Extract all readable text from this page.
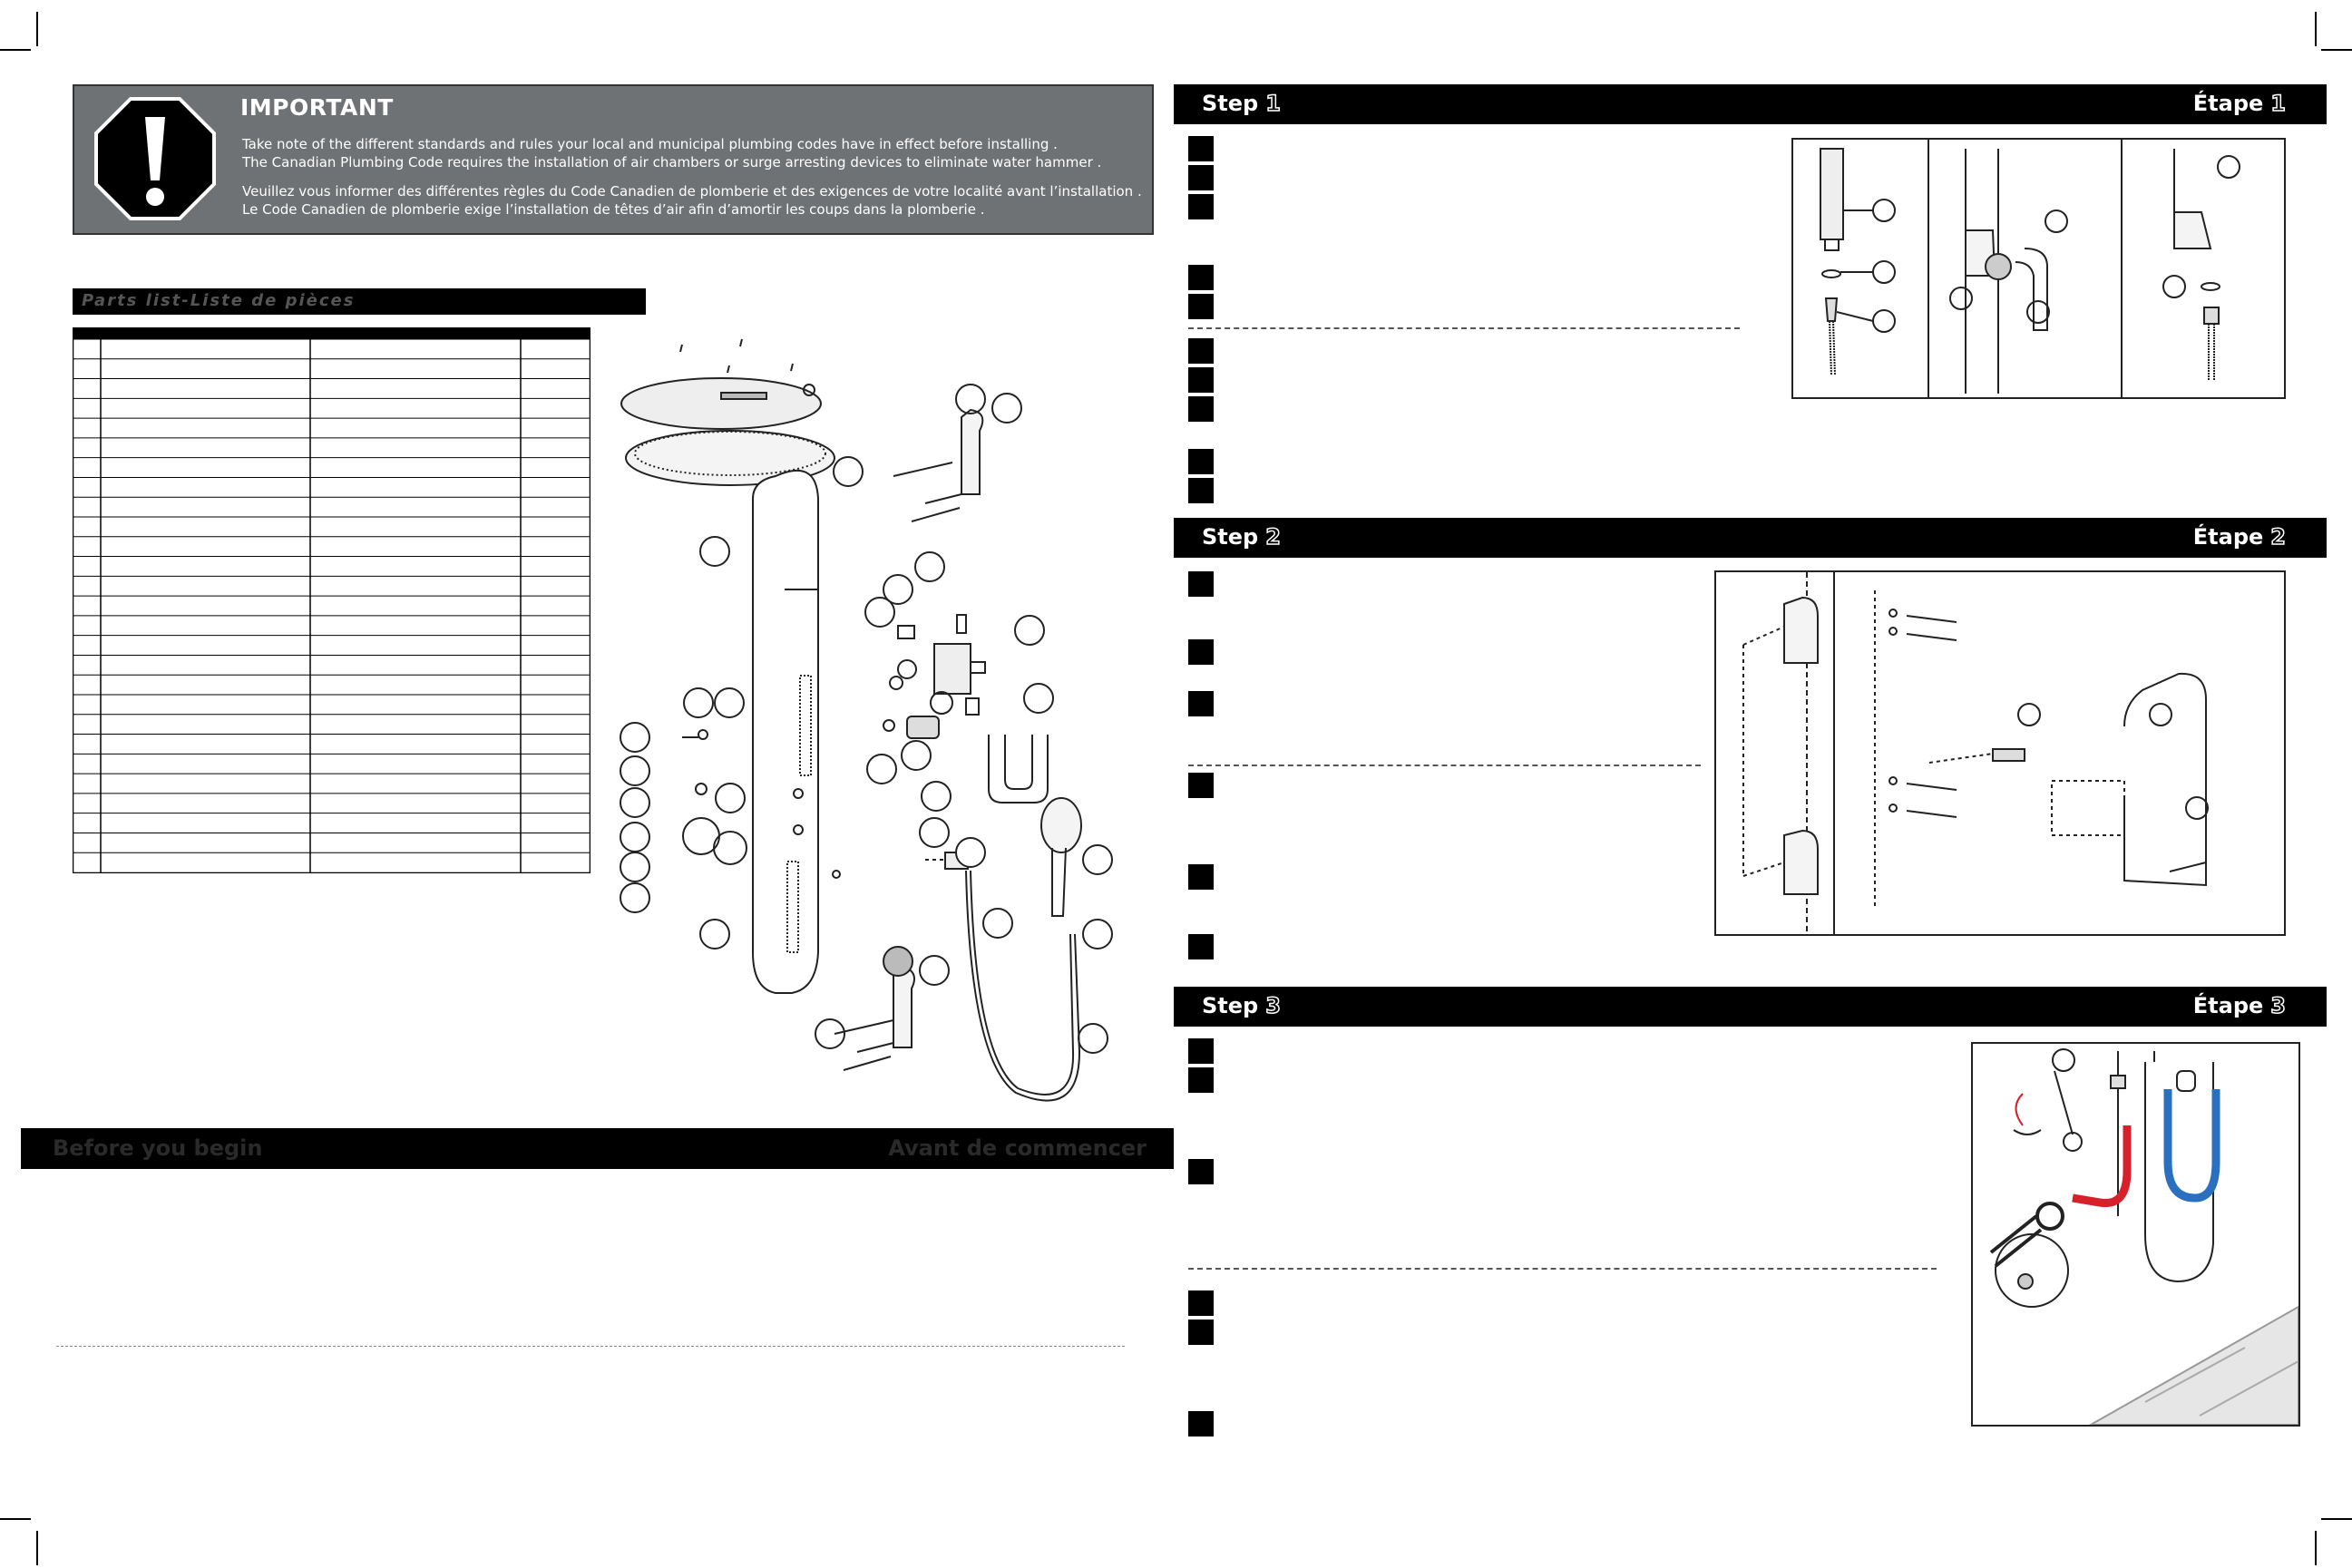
IMPORTANT
Take note of the different standards and rules your local and municipal plumbing codes have in effect before installing .
The Canadian Plumbing Code requires the installation of air chambers or surge arresting devices to eliminate water hammer .
Veuillez vous informer des différentes règles du Code Canadien de plomberie et des exigences de votre localité avant l’installation .
Le Code Canadien de plomberie exige l’installation de têtes d’air afin d’amortir les coups dans la plomberie .
Parts list-Liste de pièces
Before you begin	Avant de commencer
Step 1	Étape 1
Step 2	Étape 2
Step 3	Étape 3
